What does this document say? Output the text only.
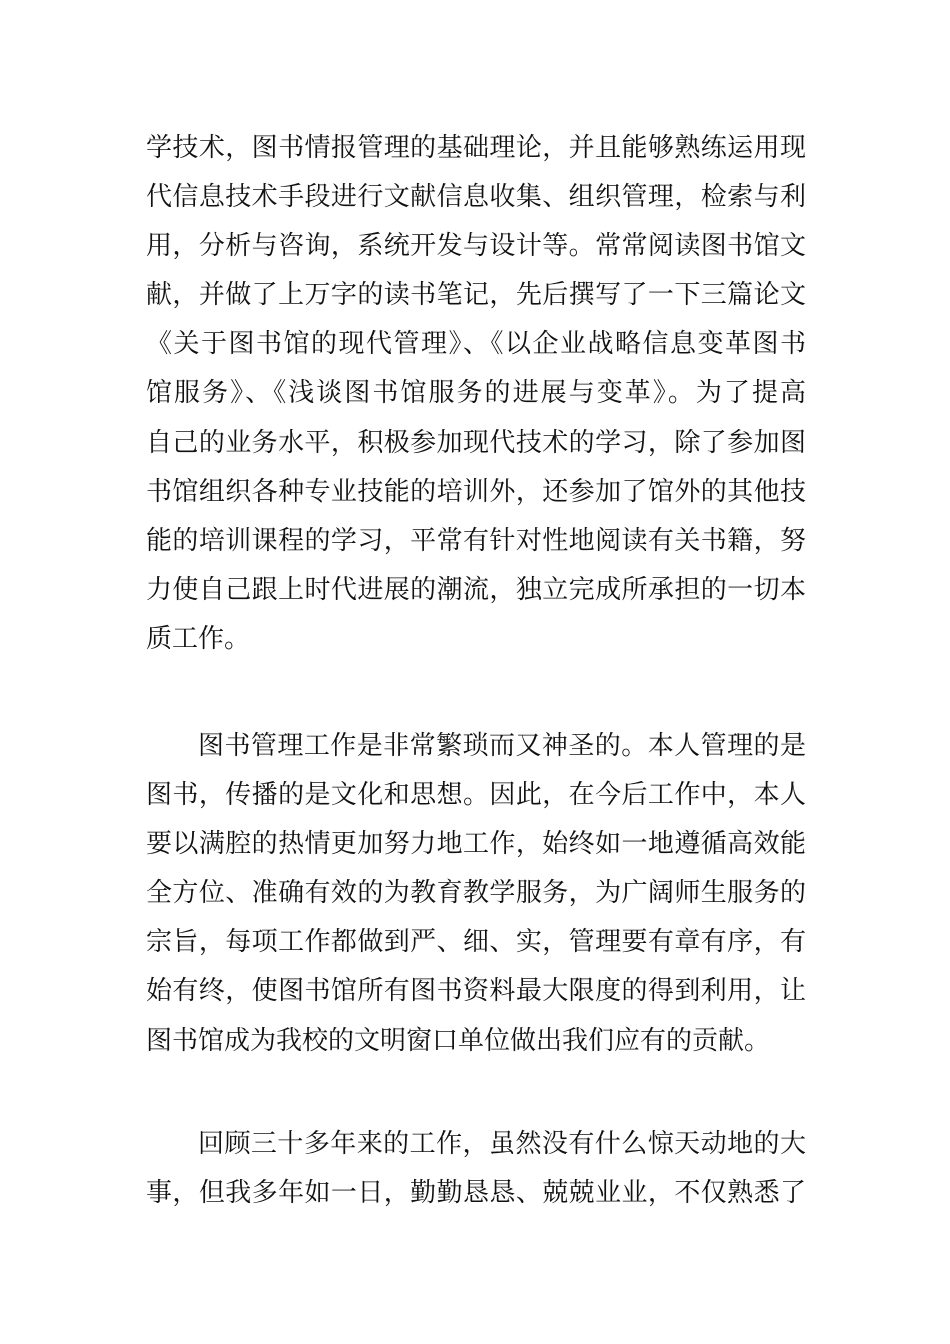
学技术，图书情报管理的基础理论，并且能够熟练运用现
代信息技术手段进行文献信息收集、组织管理，检索与利
用，分析与咨询，系统开发与设计等。常常阅读图书馆文
献，并做了上万字的读书笔记，先后撰写了一下三篇论文
《关于图书馆的现代管理》、《以企业战略信息变革图书
馆服务》、《浅谈图书馆服务的进展与变革》。为了提高
自己的业务水平，积极参加现代技术的学习，除了参加图
书馆组织各种专业技能的培训外，还参加了馆外的其他技
能的培训课程的学习，平常有针对性地阅读有关书籍，努
力使自己跟上时代进展的潮流，独立完成所承担的一切本
质工作。
图书管理工作是非常繁琐而又神圣的。本人管理的是
图书，传播的是文化和思想。因此，在今后工作中，本人
要以满腔的热情更加努力地工作，始终如一地遵循高效能
全方位、准确有效的为教育教学服务，为广阔师生服务的
宗旨，每项工作都做到严、细、实，管理要有章有序，有
始有终，使图书馆所有图书资料最大限度的得到利用，让
图书馆成为我校的文明窗口单位做出我们应有的贡献。
回顾三十多年来的工作，虽然没有什么惊天动地的大
事，但我多年如一日，勤勤恳恳、兢兢业业，不仅熟悉了
